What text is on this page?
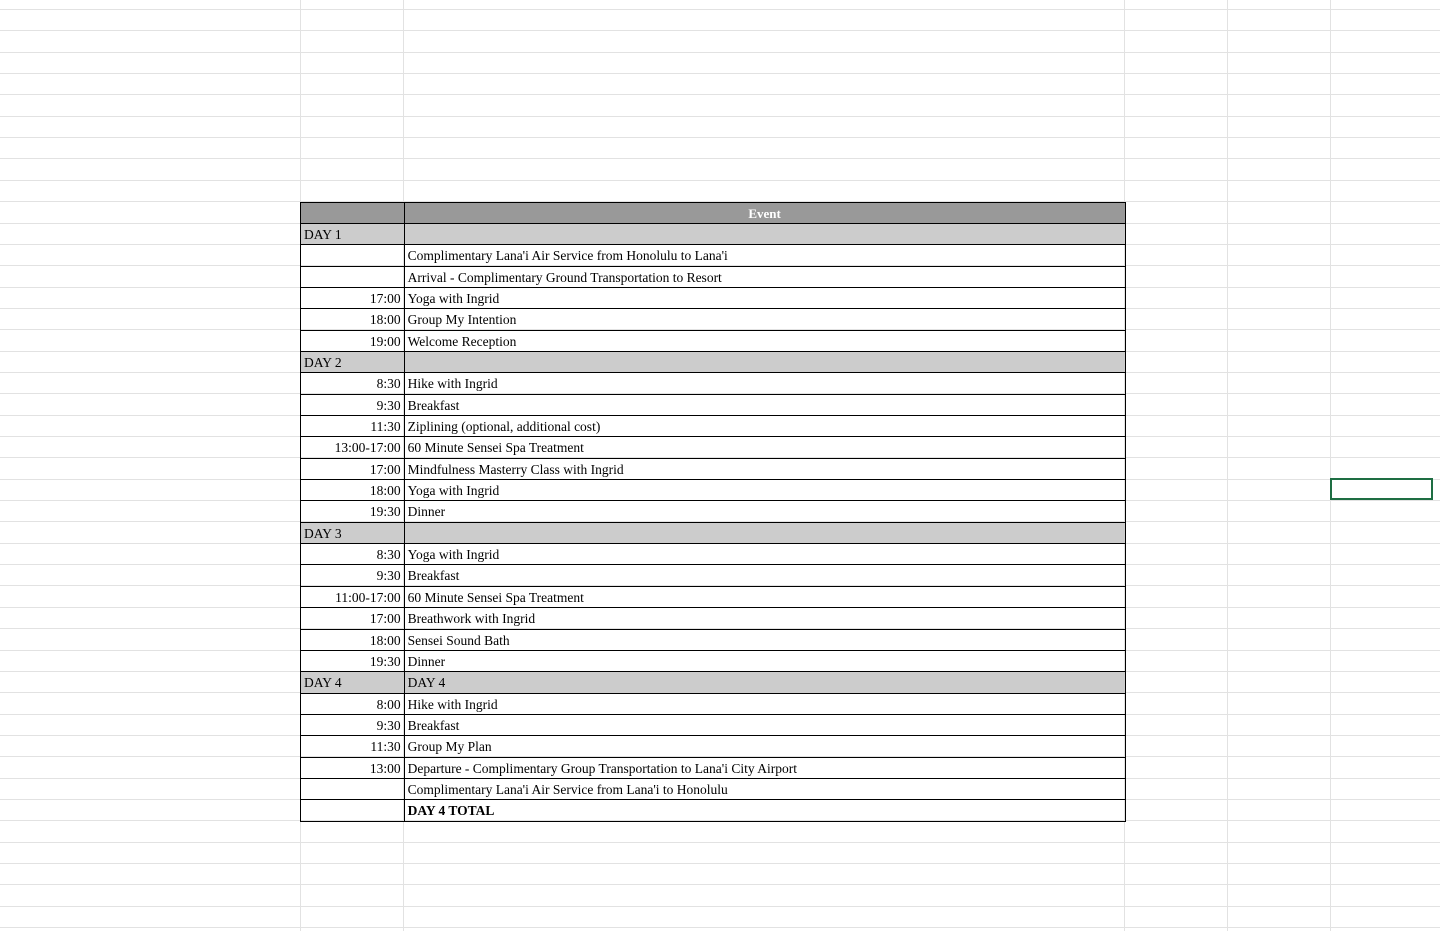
Event
DAY 1
Complimentary Lana'i Air Service from Honolulu to Lana'i
Arrival - Complimentary Ground Transportation to Resort
17:00 Yoga with Ingrid
18:00 Group My Intention
19:00 Welcome Reception
DAY 2
8:30 Hike with Ingrid
9:30 Breakfast
11:30 Ziplining (optional, additional cost)
13:00-17:00 60 Minute Sensei Spa Treatment
17:00 Mindfulness Masterry Class with Ingrid
18:00 Yoga with Ingrid
19:30 Dinner
DAY 3
8:30 Yoga with Ingrid
9:30 Breakfast
11:00-17:00 60 Minute Sensei Spa Treatment
17:00 Breathwork with Ingrid
18:00 Sensei Sound Bath
19:30 Dinner
DAY 4	DAY 4
8:00 Hike with Ingrid
9:30 Breakfast
11:30 Group My Plan
13:00 Departure - Complimentary Group Transportation to Lana'i City Airport
Complimentary Lana'i Air Service from Lana'i to Honolulu
DAY 4 TOTAL
